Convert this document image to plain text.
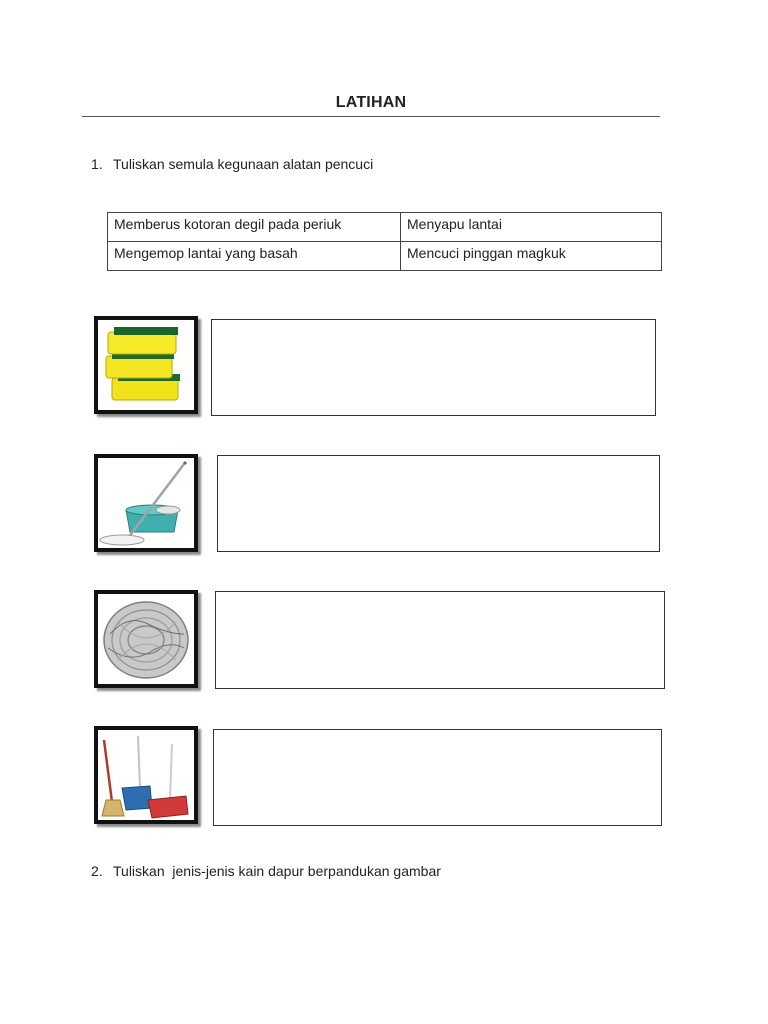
LATIHAN
1. Tuliskan semula kegunaan alatan pencuci
Memberus kotoran degil pada periuk	Menyapu lantai
Mengemop lantai yang basah	Mencuci pinggan magkuk
2. Tuliskan  jenis-jenis kain dapur berpandukan gambar
